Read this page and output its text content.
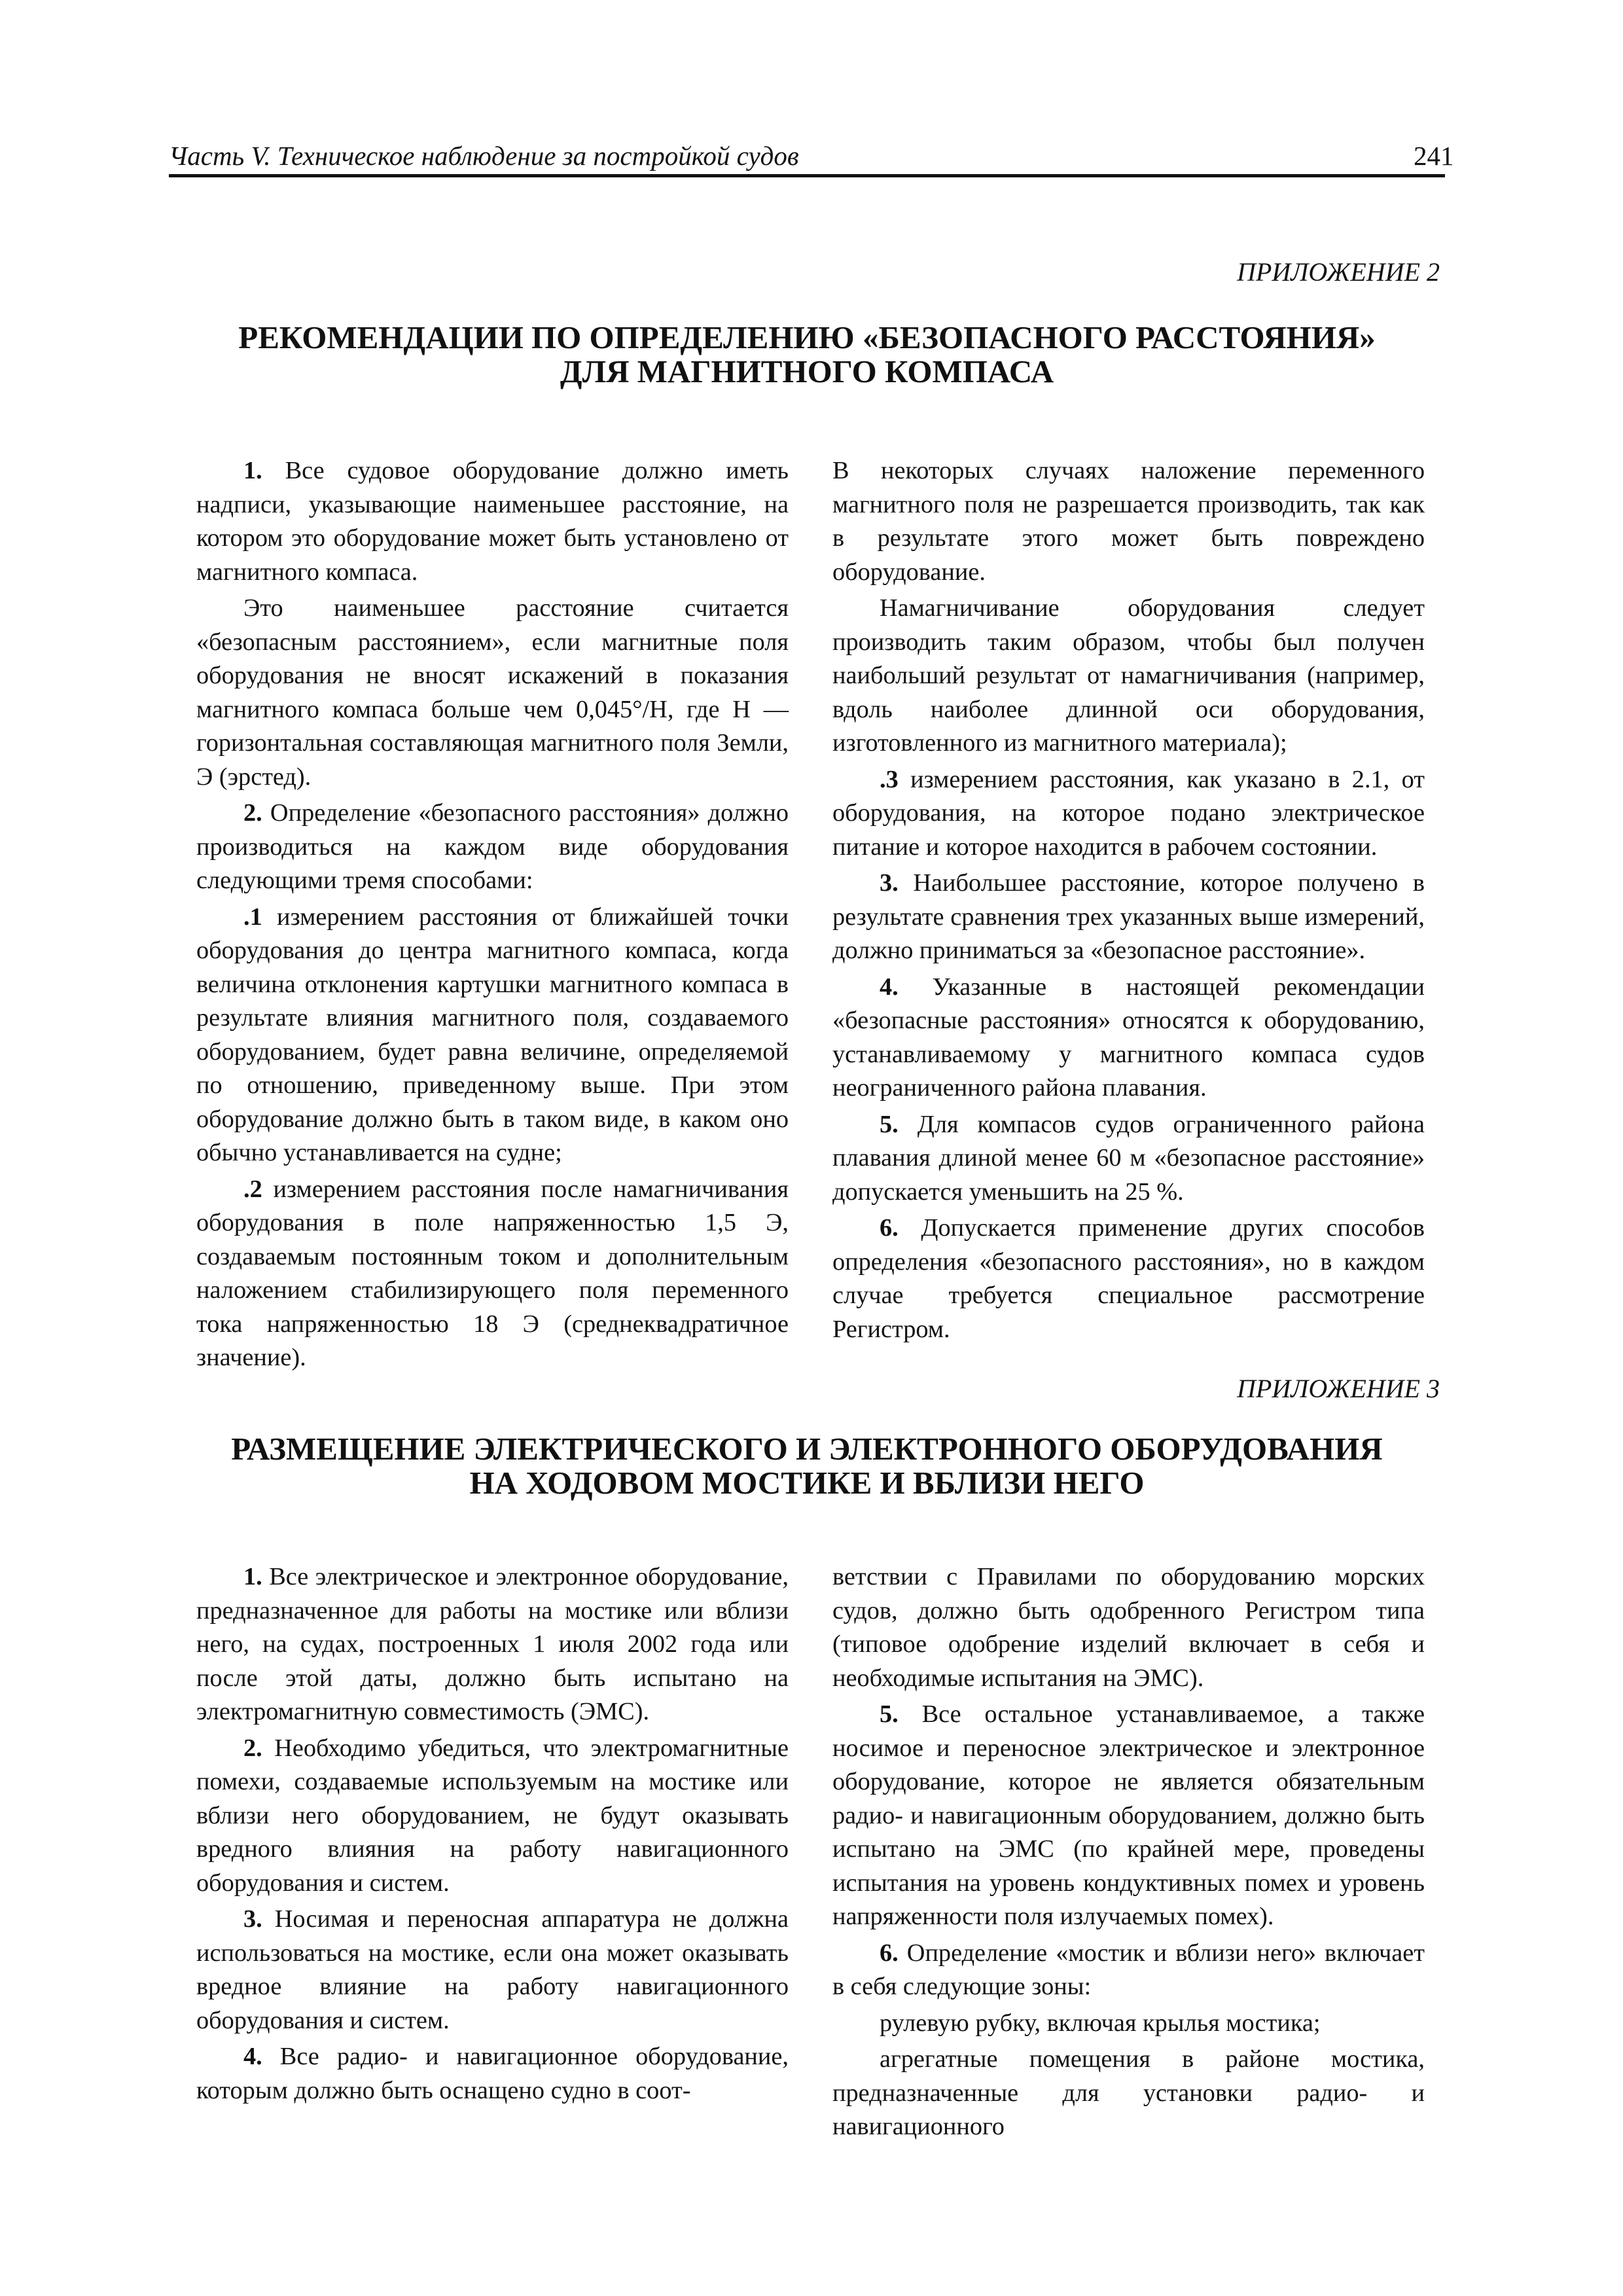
Часть V. Техническое наблюдение за постройкой судов	241
ПРИЛОЖЕНИЕ 2
РЕКОМЕНДАЦИИ ПО ОПРЕДЕЛЕНИЮ «БЕЗОПАСНОГО РАССТОЯНИЯ»
ДЛЯ МАГНИТНОГО КОМПАСА

1. Все судовое оборудование должно иметь надписи, указывающие наименьшее расстояние, на котором это оборудование может быть установлено от магнитного компаса.

Это наименьшее расстояние считается «безопасным расстоянием», если магнитные поля оборудования не вносят искажений в показания магнитного компаса больше чем 0,045°/H, где H — горизонтальная составляющая магнитного поля Земли, Э (эрстед).

2. Определение «безопасного расстояния» должно производиться на каждом виде оборудования следующими тремя способами:

.1 измерением расстояния от ближайшей точки оборудования до центра магнитного компаса, когда величина отклонения картушки магнитного компаса в результате влияния магнитного поля, создаваемого оборудованием, будет равна величине, определяемой по отношению, приведенному выше. При этом оборудование должно быть в таком виде, в каком оно обычно устанавливается на судне;

.2 измерением расстояния после намагничивания оборудования в поле напряженностью 1,5 Э, создаваемым постоянным током и дополнительным наложением стабилизирующего поля переменного тока напряженностью 18 Э (среднеквадратичное значение).

В некоторых случаях наложение переменного магнитного поля не разрешается производить, так как в результате этого может быть повреждено оборудование.

Намагничивание оборудования следует производить таким образом, чтобы был получен наибольший результат от намагничивания (например, вдоль наиболее длинной оси оборудования, изготовленного из магнитного материала);

.3 измерением расстояния, как указано в 2.1, от оборудования, на которое подано электрическое питание и которое находится в рабочем состоянии.

3. Наибольшее расстояние, которое получено в результате сравнения трех указанных выше измерений, должно приниматься за «безопасное расстояние».

4. Указанные в настоящей рекомендации «безопасные расстояния» относятся к оборудованию, устанавливаемому у магнитного компаса судов неограниченного района плавания.

5. Для компасов судов ограниченного района плавания длиной менее 60 м «безопасное расстояние» допускается уменьшить на 25 %.

6. Допускается применение других способов определения «безопасного расстояния», но в каждом случае требуется специальное рассмотрение Регистром.

ПРИЛОЖЕНИЕ 3
РАЗМЕЩЕНИЕ ЭЛЕКТРИЧЕСКОГО И ЭЛЕКТРОННОГО ОБОРУДОВАНИЯ
НА ХОДОВОМ МОСТИКЕ И ВБЛИЗИ НЕГО

1. Все электрическое и электронное оборудование, предназначенное для работы на мостике или вблизи него, на судах, построенных 1 июля 2002 года или после этой даты, должно быть испытано на электромагнитную совместимость (ЭМС).

2. Необходимо убедиться, что электромагнитные помехи, создаваемые используемым на мостике или вблизи него оборудованием, не будут оказывать вредного влияния на работу навигационного оборудования и систем.

3. Носимая и переносная аппаратура не должна использоваться на мостике, если она может оказывать вредное влияние на работу навигационного оборудования и систем.

4. Все радио- и навигационное оборудование, которым должно быть оснащено судно в соот-

ветствии с Правилами по оборудованию морских судов, должно быть одобренного Регистром типа (типовое одобрение изделий включает в себя и необходимые испытания на ЭМС).

5. Все остальное устанавливаемое, а также носимое и переносное электрическое и электронное оборудование, которое не является обязательным радио- и навигационным оборудованием, должно быть испытано на ЭМС (по крайней мере, проведены испытания на уровень кондуктивных помех и уровень напряженности поля излучаемых помех).

6. Определение «мостик и вблизи него» включает в себя следующие зоны:

рулевую рубку, включая крылья мостика;

агрегатные помещения в районе мостика, предназначенные для установки радио- и навигационного
